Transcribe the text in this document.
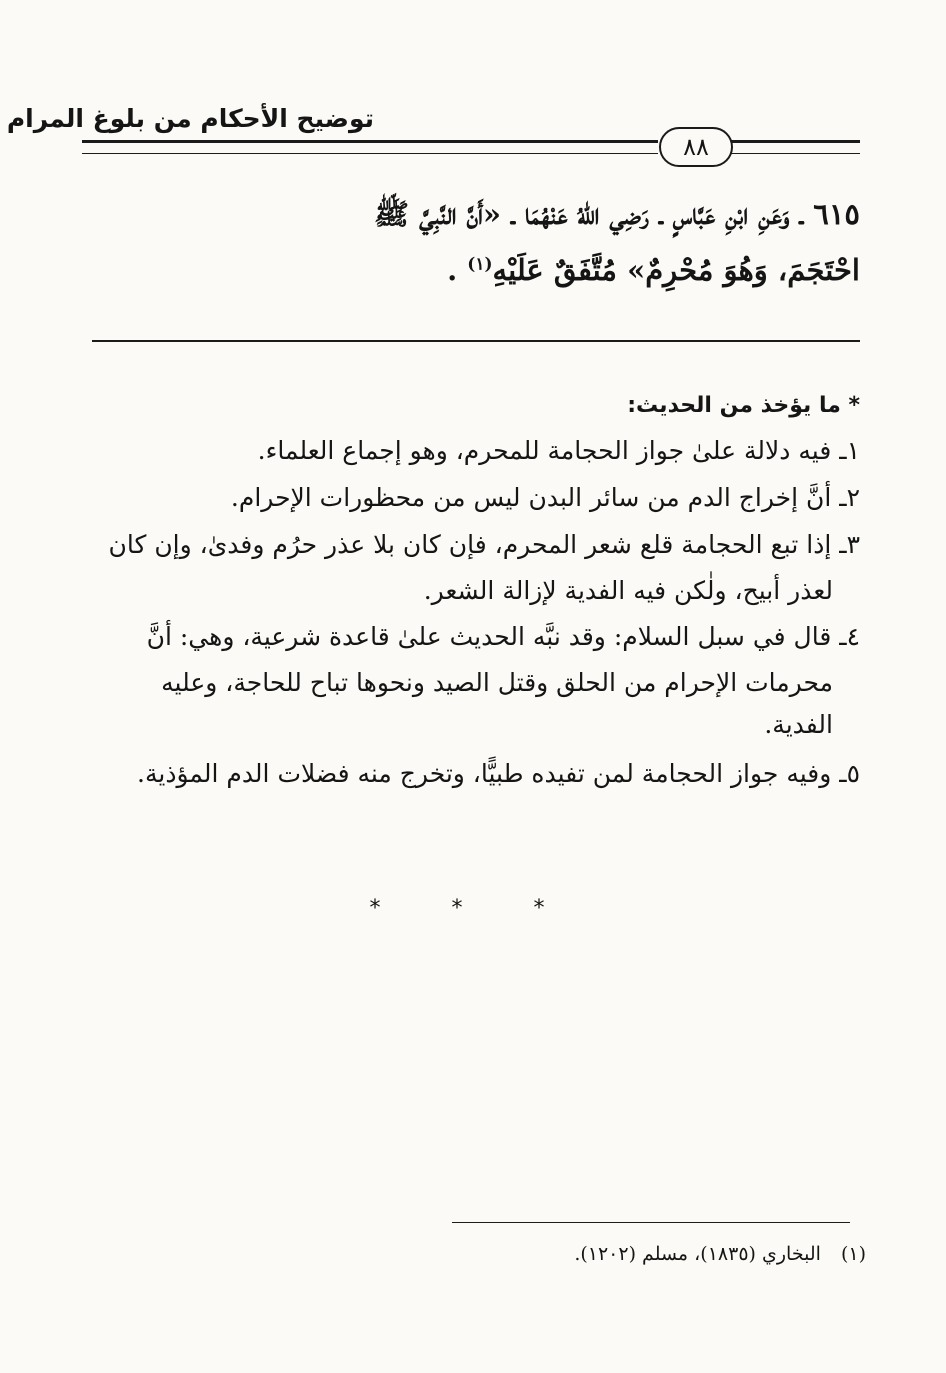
توضيح الأحكام من بلوغ المرام
٨٨
٦١٥ ـ وَعَنِ ابْنِ عَبَّاسٍ ـ رَضِي اللهُ عَنْهُمَا ـ «أَنَّ النَّبِيَّ ﷺ
احْتَجَمَ، وَهُوَ مُحْرِمٌ» مُتَّفَقٌ عَلَيْهِ$^{(١)}$ .
* ما يؤخذ من الحديث:
١ـ فيه دلالة علىٰ جواز الحجامة للمحرم، وهو إجماع العلماء.
٢ـ أنَّ إخراج الدم من سائر البدن ليس من محظورات الإحرام.
٣ـ إذا تبع الحجامة قلع شعر المحرم، فإن كان بلا عذر حرُم وفدىٰ، وإن كان
لعذر أبيح، ولٰكن فيه الفدية لإزالة الشعر.
٤ـ قال في سبل السلام: وقد نبَّه الحديث علىٰ قاعدة شرعية، وهي: أنَّ
محرمات الإحرام من الحلق وقتل الصيد ونحوها تباح للحاجة، وعليه
الفدية.
٥ـ وفيه جواز الحجامة لمن تفيده طبيًّا، وتخرج منه فضلات الدم المؤذية.
* * *
(١) البخاري (١٨٣٥)، مسلم (١٢٠٢).
